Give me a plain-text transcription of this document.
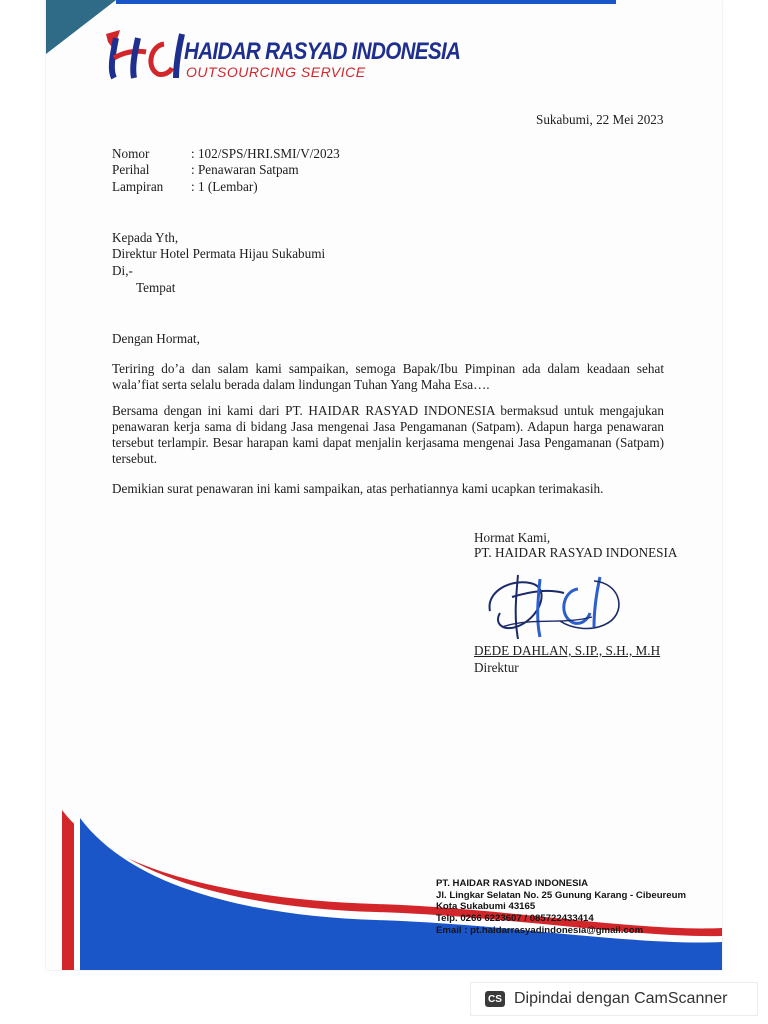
HAIDAR RASYAD INDONESIA
OUTSOURCING SERVICE
Sukabumi, 22 Mei 2023
Nomor	: 102/SPS/HRI.SMI/V/2023
Perihal	: Penawaran Satpam
Lampiran : 1 (Lembar)
Kepada Yth,
Direktur Hotel Permata Hijau Sukabumi
Di,-
Tempat
Dengan Hormat,
Teriring do’a dan salam kami sampaikan, semoga Bapak/Ibu Pimpinan ada dalam keadaan sehat wala’fiat serta selalu berada dalam lindungan Tuhan Yang Maha Esa….
Bersama dengan ini kami dari PT. HAIDAR RASYAD INDONESIA bermaksud untuk mengajukan penawaran kerja sama di bidang Jasa mengenai Jasa Pengamanan (Satpam). Adapun harga penawaran tersebut terlampir. Besar harapan kami dapat menjalin kerjasama mengenai Jasa Pengamanan (Satpam) tersebut.
Demikian surat penawaran ini kami sampaikan, atas perhatiannya kami ucapkan terimakasih.
Hormat Kami,
PT. HAIDAR RASYAD INDONESIA
DEDE DAHLAN, S.IP., S.H., M.H
Direktur
PT. HAIDAR RASYAD INDONESIA
Jl. Lingkar Selatan No. 25 Gunung Karang - Cibeureum
Kota Sukabumi 43165
Telp. 0266 6223607 / 085722433414
Email : pt.haidarrasyadindonesia@gmail.com
CS Dipindai dengan CamScanner
